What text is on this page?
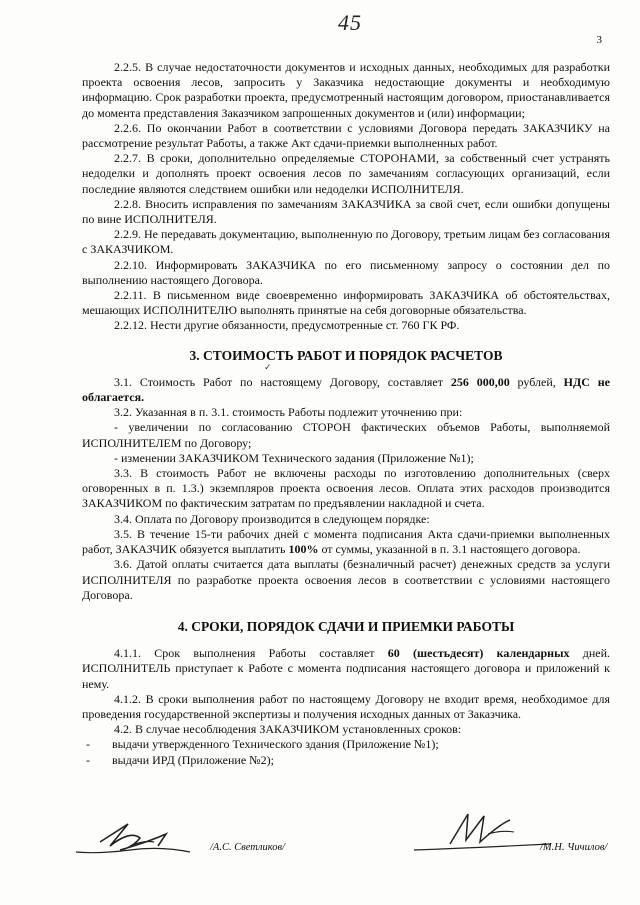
45
3

2.2.5. В случае недостаточности документов и исходных данных, необходимых для разработки проекта освоения лесов, запросить у Заказчика недостающие документы и необходимую информацию. Срок разработки проекта, предусмотренный настоящим договором, приостанавливается до момента представления Заказчиком запрошенных документов и (или) информации;

2.2.6. По окончании Работ в соответствии с условиями Договора передать ЗАКАЗЧИКУ на рассмотрение результат Работы, а также Акт сдачи-приемки выполненных работ.

2.2.7. В сроки, дополнительно определяемые СТОРОНАМИ, за собственный счет устранять недоделки и дополнять проект освоения лесов по замечаниям согласующих организаций, если последние являются следствием ошибки или недоделки ИСПОЛНИТЕЛЯ.

2.2.8. Вносить исправления по замечаниям ЗАКАЗЧИКА за свой счет, если ошибки допущены по вине ИСПОЛНИТЕЛЯ.

2.2.9. Не передавать документацию, выполненную по Договору, третьим лицам без согласования с ЗАКАЗЧИКОМ.

2.2.10. Информировать ЗАКАЗЧИКА по его письменному запросу о состоянии дел по выполнению настоящего Договора.

2.2.11. В письменном виде своевременно информировать ЗАКАЗЧИКА об обстоятельствах, мешающих ИСПОЛНИТЕЛЮ выполнять принятые на себя договорные обязательства.

2.2.12. Нести другие обязанности, предусмотренные ст. 760 ГК РФ.

3. СТОИМОСТЬ РАБОТ И ПОРЯДОК РАСЧЕТОВ

3.1. Стоимость Работ по настоящему Договору, составляет 256 000,00 рублей, НДС не облагается.

3.2. Указанная в п. 3.1. стоимость Работы подлежит уточнению при:

- увеличении по согласованию СТОРОН фактических объемов Работы, выполняемой ИСПОЛНИТЕЛЕМ по Договору;

- изменении ЗАКАЗЧИКОМ Технического задания (Приложение №1);

3.3. В стоимость Работ не включены расходы по изготовлению дополнительных (сверх оговоренных в п. 1.3.) экземпляров проекта освоения лесов. Оплата этих расходов производится ЗАКАЗЧИКОМ по фактическим затратам по предъявлении накладной и счета.

3.4. Оплата по Договору производится в следующем порядке:

3.5. В течение 15-ти рабочих дней с момента подписания Акта сдачи-приемки выполненных работ, ЗАКАЗЧИК обязуется выплатить 100% от суммы, указанной в п. 3.1 настоящего договора.

3.6. Датой оплаты считается дата выплаты (безналичный расчет) денежных средств за услуги ИСПОЛНИТЕЛЯ по разработке проекта освоения лесов в соответствии с условиями настоящего Договора.

4. СРОКИ, ПОРЯДОК СДАЧИ И ПРИЕМКИ РАБОТЫ

4.1.1. Срок выполнения Работы составляет 60 (шестьдесят) календарных дней. ИСПОЛНИТЕЛЬ приступает к Работе с момента подписания настоящего договора и приложений к нему.

4.1.2. В сроки выполнения работ по настоящему Договору не входит время, необходимое для проведения государственной экспертизы и получения исходных данных от Заказчика.

4.2. В случае несоблюдения ЗАКАЗЧИКОМ установленных сроков:

-	выдачи утвержденного Технического здания (Приложение №1);

-	выдачи ИРД (Приложение №2);

✓
/А.С. Светликов/	/М.Н. Чичилов/
